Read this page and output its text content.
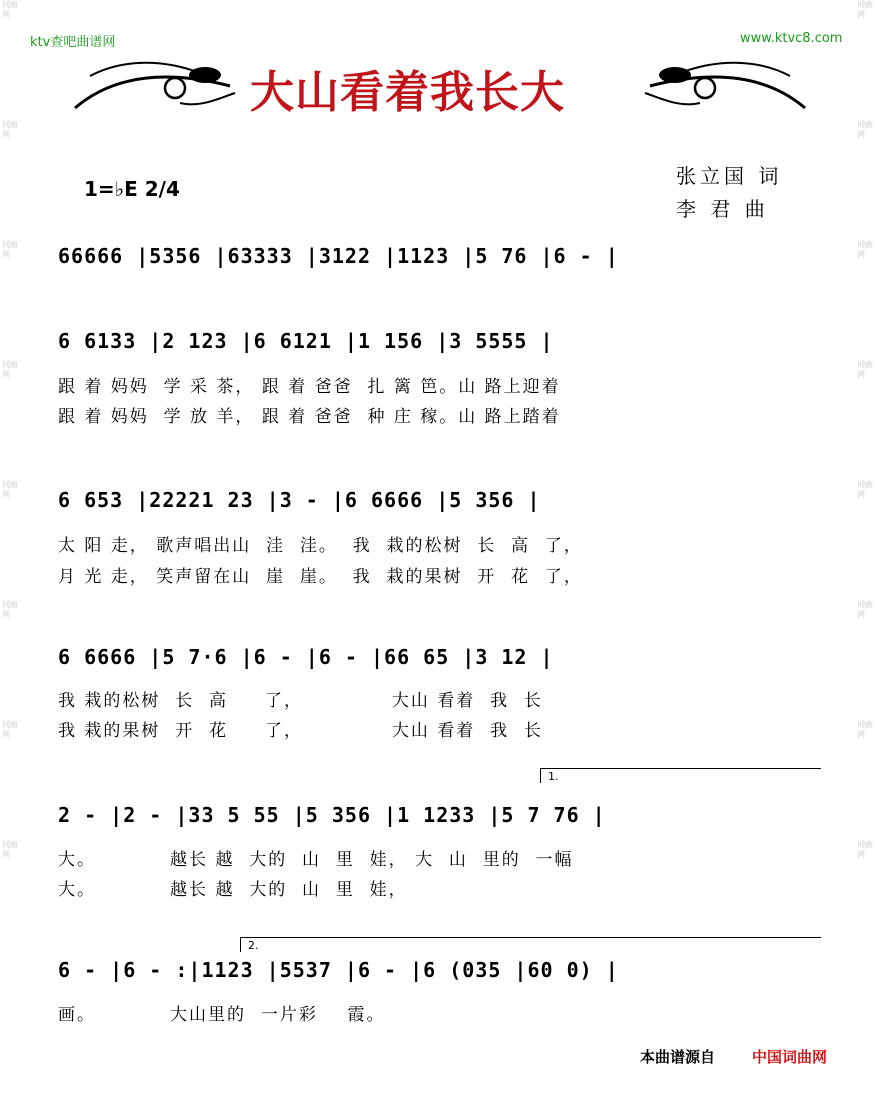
词曲网
词曲网
词曲网
词曲网
词曲网
词曲网
词曲网
词曲网
词曲网
词曲网
词曲网
词曲网
词曲网
词曲网
词曲网
词曲网
ktv查吧曲谱网	www.ktvc8.com
大山看着我长大
1=♭E 2/4
张立国 词
李 君 曲
66666 |5356 |63333 |3122 |1123 |5 76 |6 - |
6 6133 |2 123 |6 6121 |1 156 |3 5555 |
跟 着 妈妈  学 采 茶， 跟 着 爸爸  扎 篱 笆。山 路上迎着
跟 着 妈妈  学 放 羊， 跟 着 爸爸  种 庄 稼。山 路上踏着
6 653 |22221 23 |3 - |6 6666 |5 356 |
太 阳 走， 歌声唱出山  洼  洼。  我  栽的松树  长  高  了，
月 光 走， 笑声留在山  崖  崖。  我  栽的果树  开  花  了，
6 6666 |5 7·6 |6 - |6 - |66 65 |3 12 |
我 栽的松树  长  高     了，            大山 看着  我  长
我 栽的果树  开  花     了，            大山 看着  我  长
1.
2 - |2 - |33 5 55 |5 356 |1 1233 |5 7 76 |
大。          越长 越  大的  山  里  娃， 大  山  里的  一幅
大。          越长 越  大的  山  里  娃，
2.
6 - |6 - :|1123 |5537 |6 - |6 (035 |60 0) |
画。          大山里的  一片彩    霞。
本曲谱源自 中国词曲网
